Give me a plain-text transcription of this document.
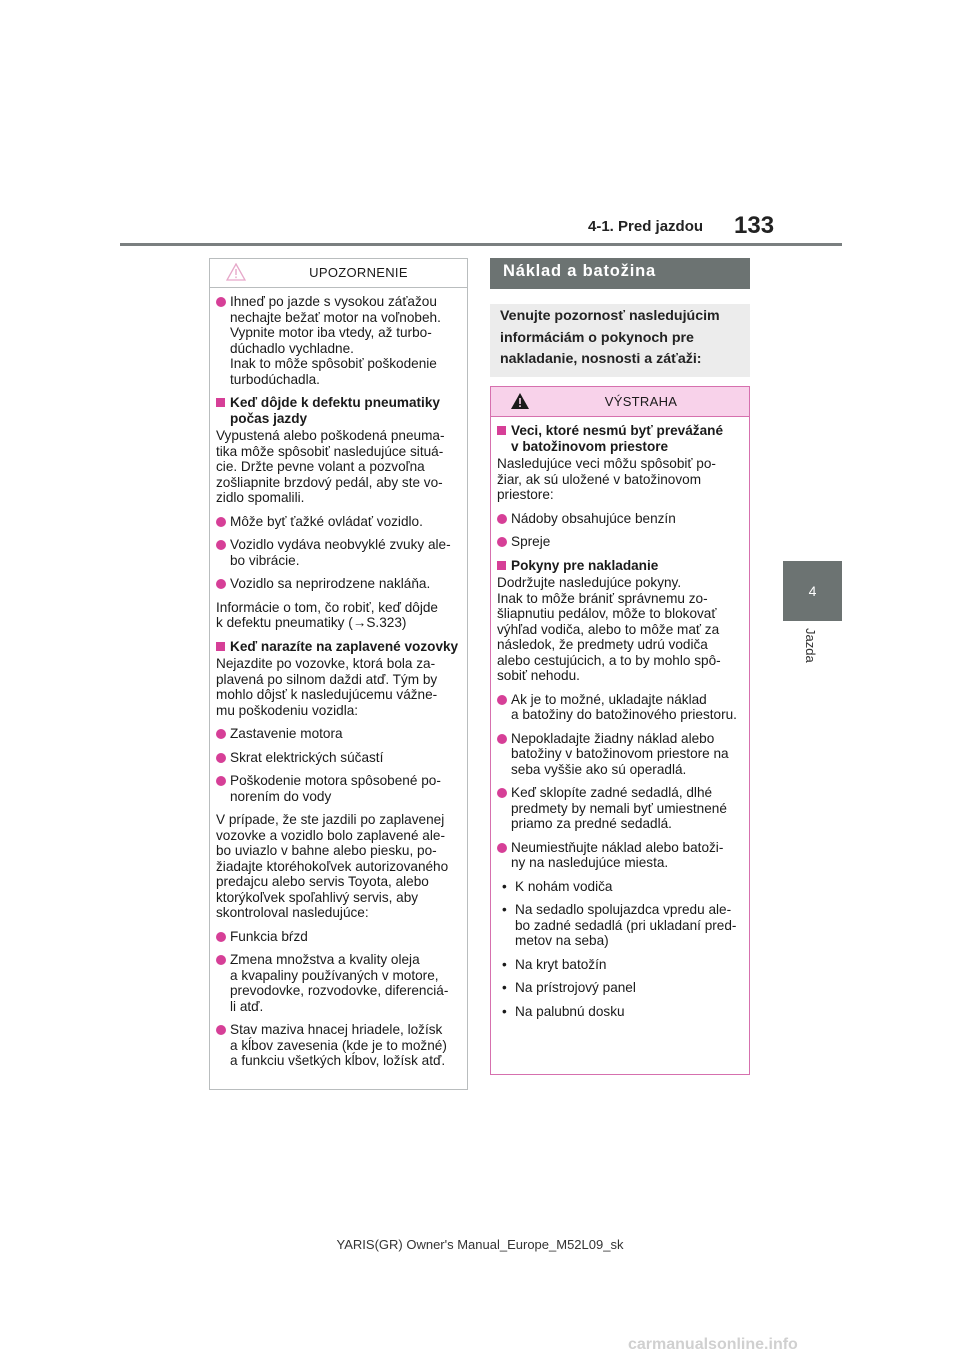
4-1. Pred jazdou 133
4
Jazda
UPOZORNENIE
Ihneď po jazde s vysokou záťažou
nechajte bežať motor na voľnobeh.
Vypnite motor iba vtedy, až turbo-
dúchadlo vychladne.
Inak to môže spôsobiť poškodenie
turbodúchadla.
Keď dôjde k defektu pneumatiky
počas jazdy
Vypustená alebo poškodená pneuma-
tika môže spôsobiť nasledujúce situá-
cie. Držte pevne volant a pozvoľna
zošliapnite brzdový pedál, aby ste vo-
zidlo spomalili.
Môže byť ťažké ovládať vozidlo.
Vozidlo vydáva neobvyklé zvuky ale-
bo vibrácie.
Vozidlo sa neprirodzene nakláňa.
Informácie o tom, čo robiť, keď dôjde
k defektu pneumatiky (→S.323)
Keď narazíte na zaplavené vozovky
Nejazdite po vozovke, ktorá bola za-
plavená po silnom daždi atď. Tým by
mohlo dôjsť k nasledujúcemu vážne-
mu poškodeniu vozidla:
Zastavenie motora
Skrat elektrických súčastí
Poškodenie motora spôsobené po-
norením do vody
V prípade, že ste jazdili po zaplavenej
vozovke a vozidlo bolo zaplavené ale-
bo uviazlo v bahne alebo piesku, po-
žiadajte ktoréhokoľvek autorizovaného
predajcu alebo servis Toyota, alebo
ktorýkoľvek spoľahlivý servis, aby
skontroloval nasledujúce:
Funkcia bŕzd
Zmena množstva a kvality oleja
a kvapaliny používaných v motore,
prevodovke, rozvodovke, diferenciá-
li atď.
Stav maziva hnacej hriadele, ložísk
a kĺbov zavesenia (kde je to možné)
a funkciu všetkých kĺbov, ložísk atď.
Náklad a batožina
Venujte pozornosť nasledujúcim
informáciám o pokynoch pre
nakladanie, nosnosti a záťaži:
VÝSTRAHA
Veci, ktoré nesmú byť prevážané
v batožinovom priestore
Nasledujúce veci môžu spôsobiť po-
žiar, ak sú uložené v batožinovom
priestore:
Nádoby obsahujúce benzín
Spreje
Pokyny pre nakladanie
Dodržujte nasledujúce pokyny.
Inak to môže brániť správnemu zo-
šliapnutiu pedálov, môže to blokovať
výhľad vodiča, alebo to môže mať za
následok, že predmety udrú vodiča
alebo cestujúcich, a to by mohlo spô-
sobiť nehodu.
Ak je to možné, ukladajte náklad
a batožiny do batožinového priestoru.
Nepokladajte žiadny náklad alebo
batožiny v batožinovom priestore na
seba vyššie ako sú operadlá.
Keď sklopíte zadné sedadlá, dlhé
predmety by nemali byť umiestnené
priamo za predné sedadlá.
Neumiestňujte náklad alebo batoži-
ny na nasledujúce miesta.
• K nohám vodiča
• Na sedadlo spolujazdca vpredu ale-
bo zadné sedadlá (pri ukladaní pred-
metov na seba)
• Na kryt batožín
• Na prístrojový panel
• Na palubnú dosku
YARIS(GR) Owner's Manual_Europe_M52L09_sk
carmanualsonline.info
